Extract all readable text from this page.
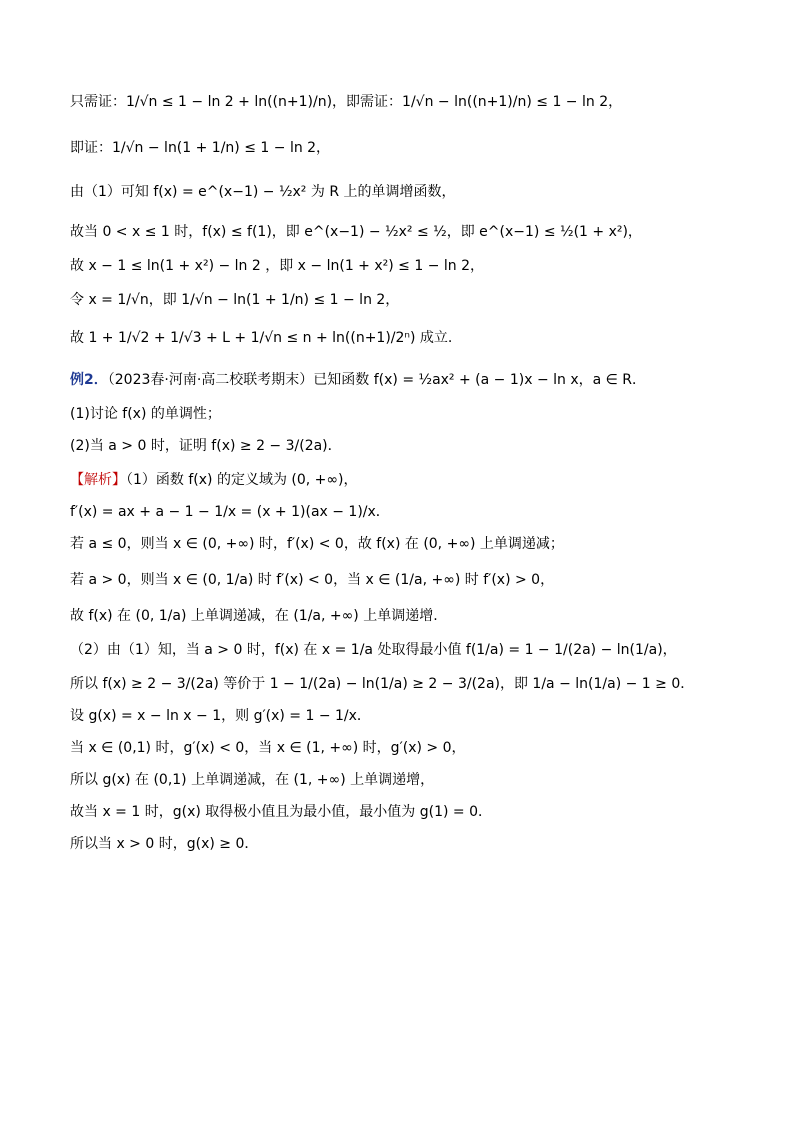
只需证：1/√n ≤ 1 − ln 2 + ln((n+1)/n)，即需证：1/√n − ln((n+1)/n) ≤ 1 − ln 2，
即证：1/√n − ln(1 + 1/n) ≤ 1 − ln 2，
由（1）可知 f(x) = e^(x−1) − ½x² 为 R 上的单调增函数，
故当 0 < x ≤ 1 时，f(x) ≤ f(1)，即 e^(x−1) − ½x² ≤ ½，即 e^(x−1) ≤ ½(1 + x²)，
故 x − 1 ≤ ln(1 + x²) − ln 2 ，即 x − ln(1 + x²) ≤ 1 − ln 2，
令 x = 1/√n，即 1/√n − ln(1 + 1/n) ≤ 1 − ln 2，
故 1 + 1/√2 + 1/√3 + L + 1/√n ≤ n + ln((n+1)/2ⁿ) 成立.
例2．（2023春·河南·高二校联考期末）已知函数 f(x) = ½ax² + (a − 1)x − ln x，a ∈ R．
(1)讨论 f(x) 的单调性；
(2)当 a > 0 时，证明 f(x) ≥ 2 − 3/(2a)．
【解析】（1）函数 f(x) 的定义域为 (0, +∞)，
f′(x) = ax + a − 1 − 1/x = (x + 1)(ax − 1)/x．
若 a ≤ 0，则当 x ∈ (0, +∞) 时，f′(x) < 0，故 f(x) 在 (0, +∞) 上单调递减；
若 a > 0，则当 x ∈ (0, 1/a) 时 f′(x) < 0，当 x ∈ (1/a, +∞) 时 f′(x) > 0，
故 f(x) 在 (0, 1/a) 上单调递减，在 (1/a, +∞) 上单调递增.
（2）由（1）知，当 a > 0 时，f(x) 在 x = 1/a 处取得最小值 f(1/a) = 1 − 1/(2a) − ln(1/a)，
所以 f(x) ≥ 2 − 3/(2a) 等价于 1 − 1/(2a) − ln(1/a) ≥ 2 − 3/(2a)，即 1/a − ln(1/a) − 1 ≥ 0．
设 g(x) = x − ln x − 1，则 g′(x) = 1 − 1/x．
当 x ∈ (0,1) 时，g′(x) < 0，当 x ∈ (1, +∞) 时，g′(x) > 0，
所以 g(x) 在 (0,1) 上单调递减，在 (1, +∞) 上单调递增，
故当 x = 1 时，g(x) 取得极小值且为最小值，最小值为 g(1) = 0．
所以当 x > 0 时，g(x) ≥ 0．
